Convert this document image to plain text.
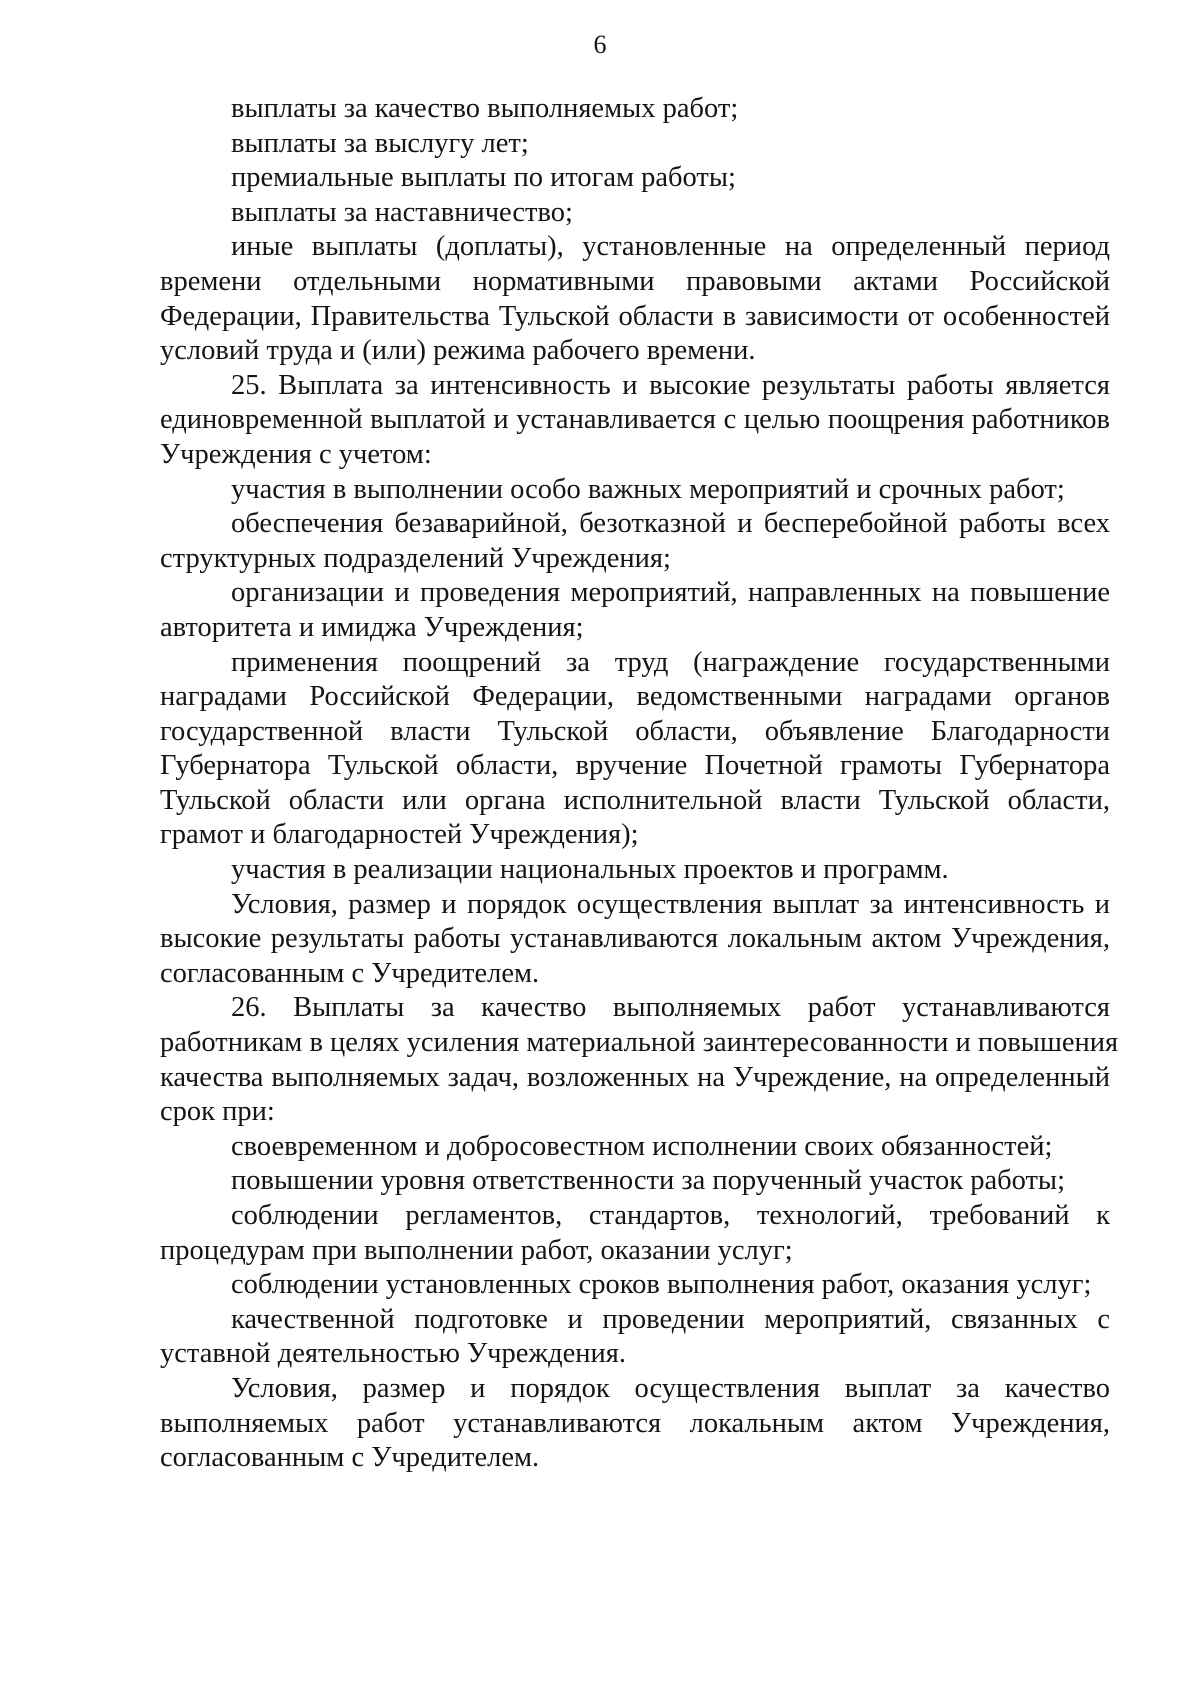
6
выплаты за качество выполняемых работ;
выплаты за выслугу лет;
премиальные выплаты по итогам работы;
выплаты за наставничество;
иные выплаты (доплаты), установленные на определенный период
времени отдельными нормативными правовыми актами Российской
Федерации, Правительства Тульской области в зависимости от особенностей
условий труда и (или) режима рабочего времени.
25. Выплата за интенсивность и высокие результаты работы является
единовременной выплатой и устанавливается с целью поощрения работников
Учреждения с учетом:
участия в выполнении особо важных мероприятий и срочных работ;
обеспечения безаварийной, безотказной и бесперебойной работы всех
структурных подразделений Учреждения;
организации и проведения мероприятий, направленных на повышение
авторитета и имиджа Учреждения;
применения поощрений за труд (награждение государственными
наградами Российской Федерации, ведомственными наградами органов
государственной власти Тульской области, объявление Благодарности
Губернатора Тульской области, вручение Почетной грамоты Губернатора
Тульской области или органа исполнительной власти Тульской области,
грамот и благодарностей Учреждения);
участия в реализации национальных проектов и программ.
Условия, размер и порядок осуществления выплат за интенсивность и
высокие результаты работы устанавливаются локальным актом Учреждения,
согласованным с Учредителем.
26. Выплаты за качество выполняемых работ устанавливаются
работникам в целях усиления материальной заинтересованности и повышения
качества выполняемых задач, возложенных на Учреждение, на определенный
срок при:
своевременном и добросовестном исполнении своих обязанностей;
повышении уровня ответственности за порученный участок работы;
соблюдении регламентов, стандартов, технологий, требований к
процедурам при выполнении работ, оказании услуг;
соблюдении установленных сроков выполнения работ, оказания услуг;
качественной подготовке и проведении мероприятий, связанных с
уставной деятельностью Учреждения.
Условия, размер и порядок осуществления выплат за качество
выполняемых работ устанавливаются локальным актом Учреждения,
согласованным с Учредителем.
